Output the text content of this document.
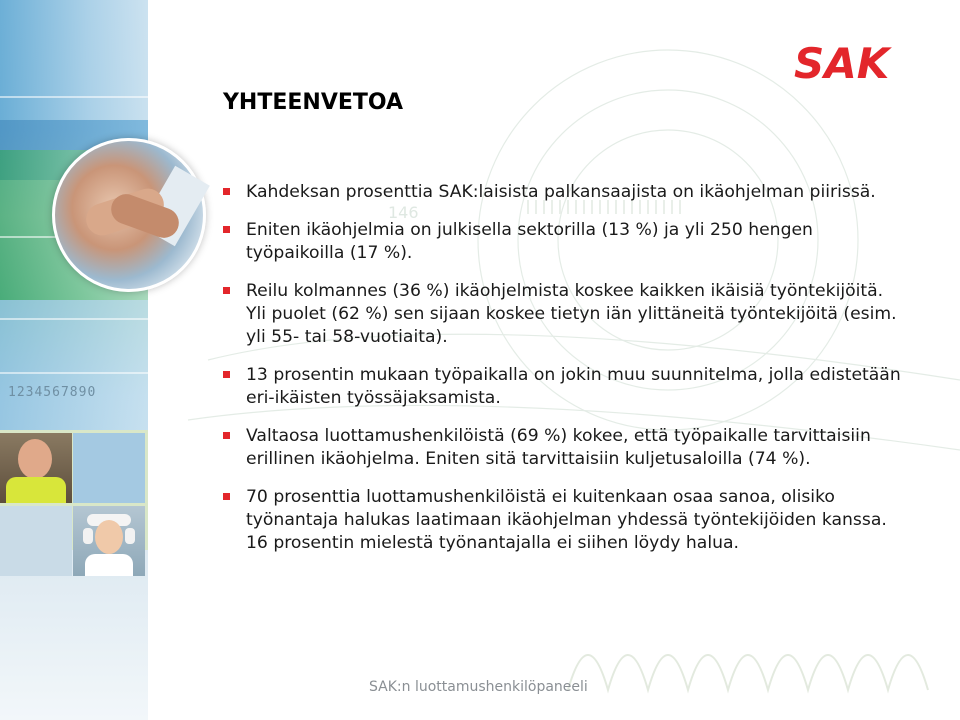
146
1234567890
SAK
YHTEENVETOA
Kahdeksan prosenttia SAK:laisista palkansaajista on ikäohjelman piirissä.
Eniten ikäohjelmia on julkisella sektorilla (13 %) ja yli 250 hengen työpaikoilla (17 %).
Reilu kolmannes (36 %) ikäohjelmista koskee kaikken ikäisiä työntekijöitä. Yli puolet (62 %) sen sijaan koskee tietyn iän ylittäneitä työntekijöitä (esim. yli 55- tai 58-vuotiaita).
13 prosentin mukaan työpaikalla on jokin muu suunnitelma, jolla edistetään eri-ikäisten työssäjaksamista.
Valtaosa luottamushenkilöistä (69 %) kokee, että työpaikalle tarvittaisiin erillinen ikäohjelma. Eniten sitä tarvittaisiin kuljetusaloilla (74 %).
70 prosenttia luottamushenkilöistä ei kuitenkaan osaa sanoa, olisiko työnantaja halukas laatimaan ikäohjelman yhdessä työntekijöiden kanssa. 16 prosentin mielestä työnantajalla ei siihen löydy halua.
SAK:n luottamushenkilöpaneeli
